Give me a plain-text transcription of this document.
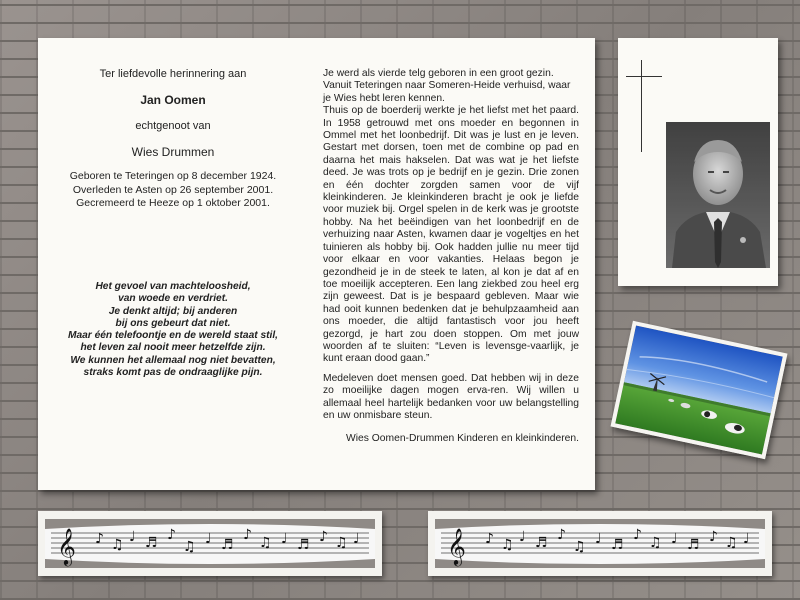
Ter liefdevolle herinnering aan
Jan Oomen
echtgenoot van
Wies Drummen
Geboren te Teteringen op 8 december 1924.
Overleden te Asten op 26 september 2001.
Gecremeerd te Heeze op 1 oktober 2001.
Het gevoel van machteloosheid,
van woede en verdriet.
Je denkt altijd; bij anderen
bij ons gebeurt dat niet.
Maar één telefoontje en de wereld staat stil,
het leven zal nooit meer hetzelfde zijn.
We kunnen het allemaal nog niet bevatten,
straks komt pas de ondraaglijke pijn.
Je werd als vierde telg geboren in een groot gezin.
Vanuit Teteringen naar Someren-Heide verhuisd, waar
je Wies hebt leren kennen.

Thuis op de boerderij werkte je het liefst met het paard. In 1958 getrouwd met ons moeder en begonnen in Ommel met het loonbedrijf. Dit was je lust en je leven. Gestart met dorsen, toen met de combine op pad en daarna het mais hakselen. Dat was wat je het liefste deed. Je was trots op je bedrijf en je gezin. Drie zonen en één dochter zorgden samen voor de vijf kleinkinderen. Je kleinkinderen bracht je ook je liefde voor muziek bij. Orgel spelen in de kerk was je grootste hobby. Na het beëindigen van het loonbedrijf en de verhuizing naar Asten, kwamen daar je vogeltjes en het tuinieren als hobby bij. Ook hadden jullie nu meer tijd voor elkaar en voor vakanties. Helaas begon je gezondheid je in de steek te laten, al kon je dat af en toe moeilijk accepteren. Een lang ziekbed zou heel erg zijn geweest. Dat is je bespaard gebleven. Maar wie had ooit kunnen bedenken dat je behulpzaamheid aan ons moeder, die altijd fantastisch voor jou heeft gezorgd, je hart zou doen stoppen. Om met jouw woorden af te sluiten: “Leven is levensge-vaarlijk, je kunt eraan dood gaan.”

Medeleven doet mensen goed. Dat hebben wij in deze zo moeilijke dagen mogen erva-ren. Wij willen u allemaal heel hartelijk bedanken voor uw belangstelling en uw onmisbare steun.

Wies Oomen-Drummen Kinderen en kleinkinderen.
𝄞 ♪ ♫ ♩ ♬ ♪
♫ ♩ ♬
♪ ♫ ♩ ♬ ♪ ♫ ♩	𝄞 ♪ ♫ ♩ ♬ ♪
♫ ♩ ♬
♪ ♫ ♩ ♬ ♪ ♫ ♩
